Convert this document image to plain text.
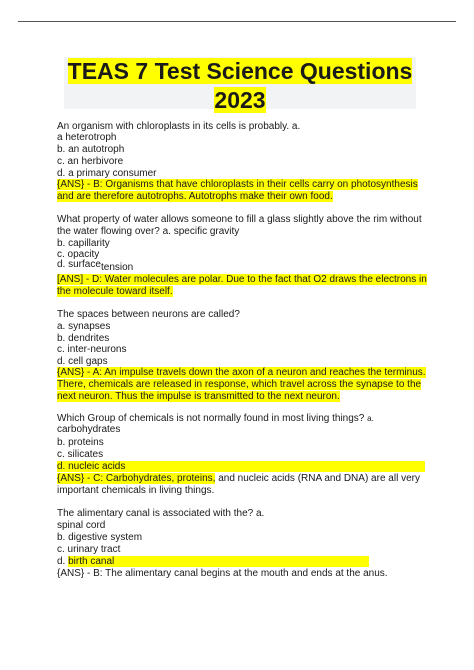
TEAS 7 Test Science Questions
2023
An organism with chloroplasts in its cells is probably. a.
a heterotroph
b. an autotroph
c. an herbivore
d. a primary consumer
{ANS} - B: Organisms that have chloroplasts in their cells carry on photosynthesis
and are therefore autotrophs. Autotrophs make their own food.
What property of water allows someone to fill a glass slightly above the rim without
the water flowing over? a. specific gravity
b. capillarity
c. opacity
d. surface tension
[ANS] - D: Water molecules are polar. Due to the fact that O2 draws the electrons in
the molecule toward itself.
The spaces between neurons are called?
a. synapses
b. dendrites
c. inter-neurons
d. cell gaps
{ANS} - A: An impulse travels down the axon of a neuron and reaches the terminus.
There, chemicals are released in response, which travel across the synapse to the
next neuron. Thus the impulse is transmitted to the next neuron.
Which Group of chemicals is not normally found in most living things? a.
carbohydrates
b. proteins
c. silicates
d. nucleic acids
{ANS} - C: Carbohydrates, proteins, and nucleic acids (RNA and DNA) are all very
important chemicals in living things.
The alimentary canal is associated with the? a.
spinal cord
b. digestive system
c. urinary tract
d. birth canal
{ANS} - B: The alimentary canal begins at the mouth and ends at the anus.
